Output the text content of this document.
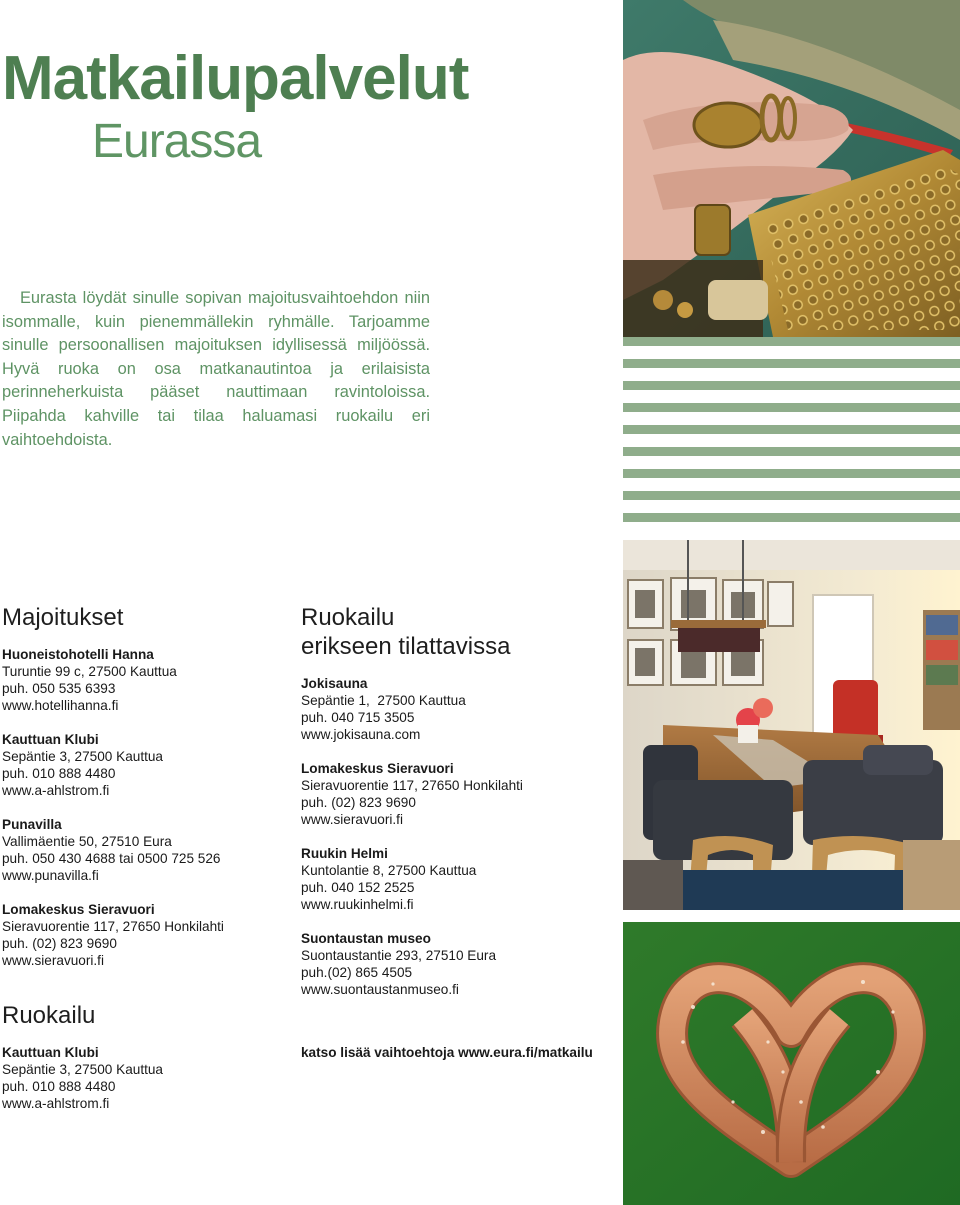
Matkailupalvelut
Eurassa

Eurasta löydät sinulle sopivan majoitusvaihtoehdon niin isommalle, kuin pienemmällekin ryhmälle. Tarjoamme sinulle persoonallisen majoituksen idyllisessä miljöössä. Hyvä ruoka on osa matkanautintoa ja erilaisista perinneherkuista pääset nauttimaan ravintoloissa. Piipahda kahville tai tilaa haluamasi ruokailu eri vaihtoehdoista.

Majoitukset
Huoneistohotelli Hanna
Turuntie 99 c, 27500 Kauttua
puh. 050 535 6393
www.hotellihanna.fi
Kauttuan Klubi
Sepäntie 3, 27500 Kauttua
puh. 010 888 4480
www.a-ahlstrom.fi
Punavilla
Vallimäentie 50, 27510 Eura
puh. 050 430 4688 tai 0500 725 526
www.punavilla.fi
Lomakeskus Sieravuori
Sieravuorentie 117, 27650 Honkilahti
puh. (02) 823 9690
www.sieravuori.fi
Ruokailu
Kauttuan Klubi
Sepäntie 3, 27500 Kauttua
puh. 010 888 4480
www.a-ahlstrom.fi
Ruokailu
erikseen tilattavissa
Jokisauna
Sepäntie 1,  27500 Kauttua
puh. 040 715 3505
www.jokisauna.com
Lomakeskus Sieravuori
Sieravuorentie 117, 27650 Honkilahti
puh. (02) 823 9690
www.sieravuori.fi
Ruukin Helmi
Kuntolantie 8, 27500 Kauttua
puh. 040 152 2525
www.ruukinhelmi.fi
Suontaustan museo
Suontaustantie 293, 27510 Eura
puh.(02) 865 4505
www.suontaustanmuseo.fi
katso lisää vaihtoehtoja www.eura.fi/matkailu
